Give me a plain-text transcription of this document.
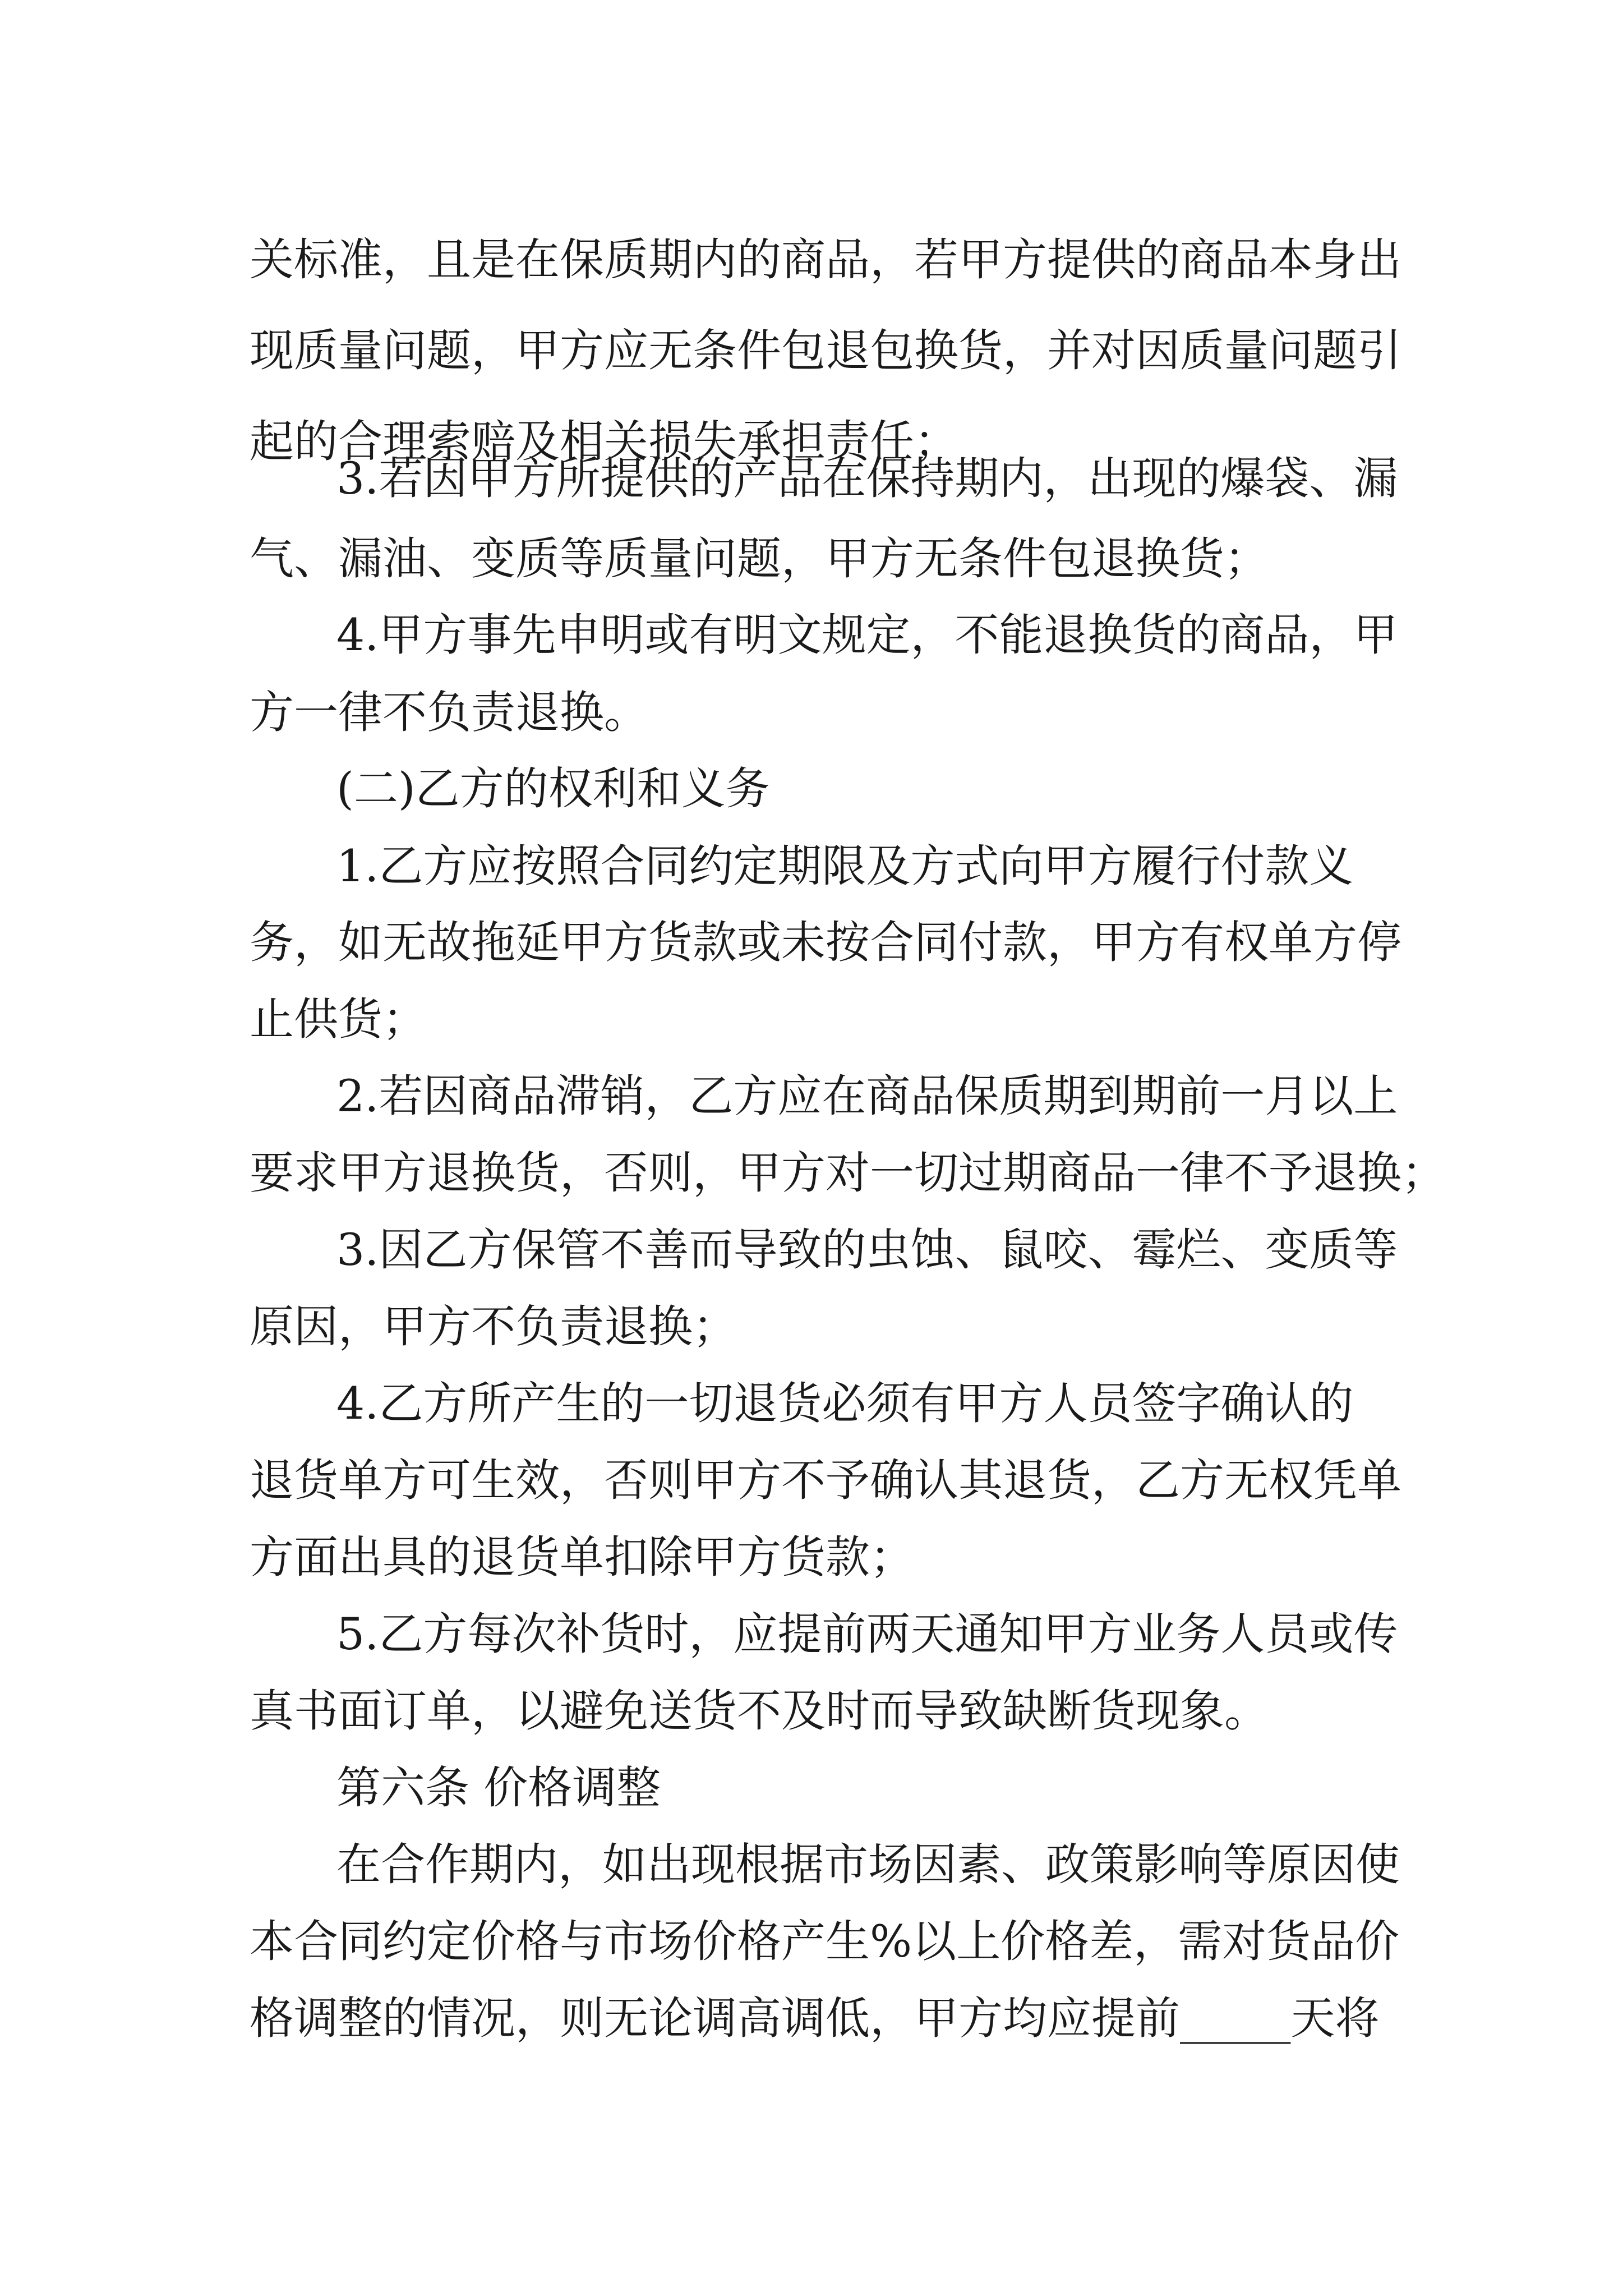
关标准，且是在保质期内的商品，若甲方提供的商品本身出

现质量问题，甲方应无条件包退包换货，并对因质量问题引

起的合理索赔及相关损失承担责任；

3.若因甲方所提供的产品在保持期内，出现的爆袋、漏

气、漏油、变质等质量问题，甲方无条件包退换货；

4.甲方事先申明或有明文规定，不能退换货的商品，甲

方一律不负责退换。

(二)乙方的权利和义务

1.乙方应按照合同约定期限及方式向甲方履行付款义

务，如无故拖延甲方货款或未按合同付款，甲方有权单方停

止供货；

2.若因商品滞销，乙方应在商品保质期到期前一月以上

要求甲方退换货，否则，甲方对一切过期商品一律不予退换；

3.因乙方保管不善而导致的虫蚀、鼠咬、霉烂、变质等

原因，甲方不负责退换；

4.乙方所产生的一切退货必须有甲方人员签字确认的

退货单方可生效，否则甲方不予确认其退货，乙方无权凭单

方面出具的退货单扣除甲方货款；

5.乙方每次补货时，应提前两天通知甲方业务人员或传

真书面订单，以避免送货不及时而导致缺断货现象。

第六条 价格调整

在合作期内，如出现根据市场因素、政策影响等原因使

本合同约定价格与市场价格产生%以上价格差，需对货品价

格调整的情况，则无论调高调低，甲方均应提前_____天将
